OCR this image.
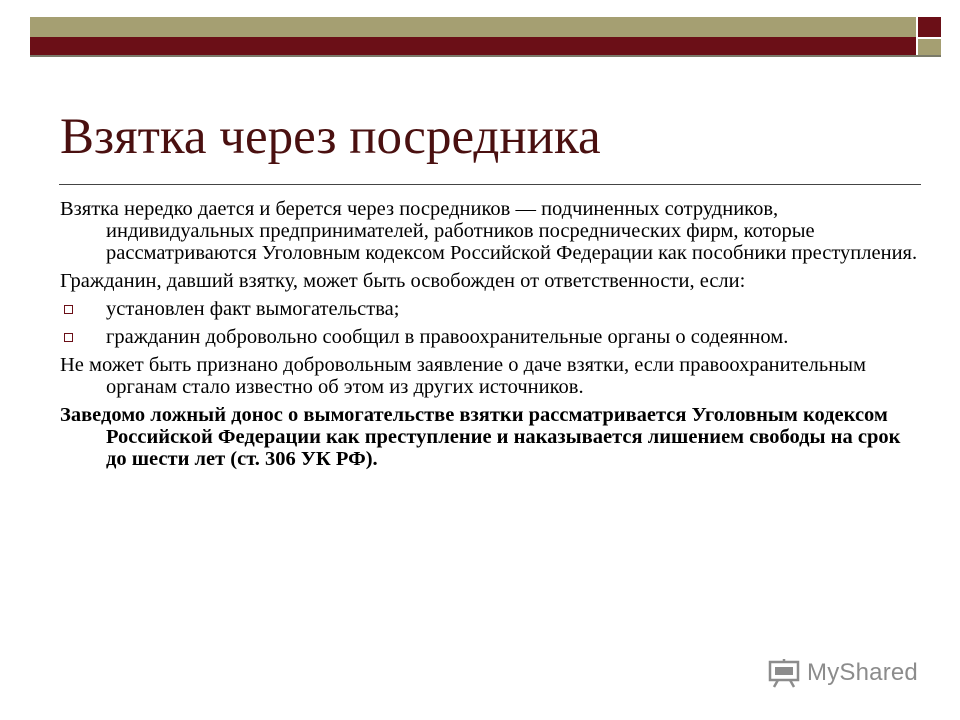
Взятка через посредника

Взятка нередко дается и берется через посредников — подчиненных сотрудников, индивидуальных предпринимателей, работников посреднических фирм, которые рассматриваются Уголовным кодексом Российской Федерации как пособники преступления.

Гражданин, давший взятку, может быть освобожден от ответственности, если:

установлен факт вымогательства;
гражданин добровольно сообщил в правоохранительные органы о содеянном.

Не может быть признано добровольным заявление о даче взятки, если правоохранительным органам стало известно об этом из других источников.

Заведомо ложный донос о вымогательстве взятки рассматривается Уголовным кодексом Российской Федерации как преступление и наказывается лишением свободы на срок до шести лет (ст. 306 УК РФ).

MyShared
